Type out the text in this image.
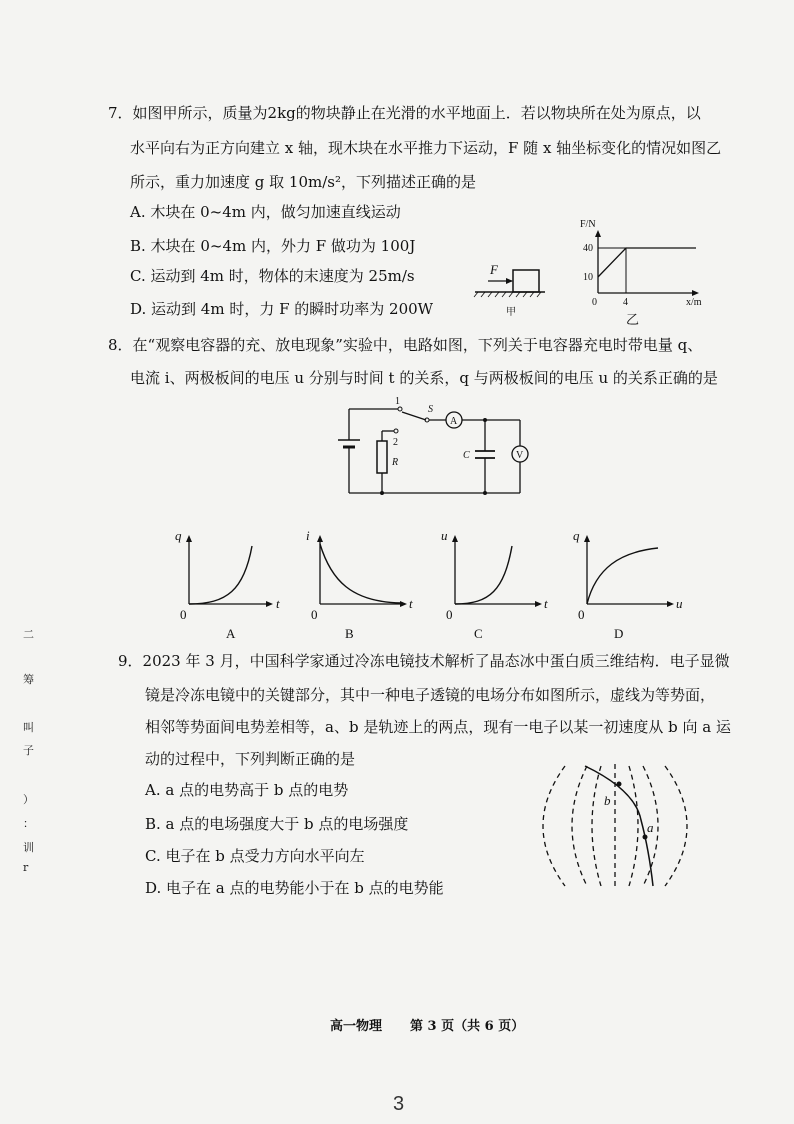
7．如图甲所示，质量为2kg的物块静止在光滑的水平地面上．若以物块所在处为原点，以
水平向右为正方向建立 x 轴，现木块在水平推力下运动，F 随 x 轴坐标变化的情况如图乙
所示，重力加速度 g 取 10m/s²，下列描述正确的是
A. 木块在 0~4m 内，做匀加速直线运动
B. 木块在 0~4m 内，外力 F 做功为 100J
C. 运动到 4m 时，物体的末速度为 25m/s
D. 运动到 4m 时，力 F 的瞬时功率为 200W
F
甲
F/N
x/m
40
10
0	4
乙
8．在“观察电容器的充、放电现象”实验中，电路如图，下列关于电容器充电时带电量 q、
电流 i、两极板间的电压 u 分别与时间 t 的关系，q 与两极板间的电压 u 的关系正确的是
1
2
S
A
V
R
C
q
t
0
A
i
t
0
B
u
t
0
C
q
u
0
D
9．2023 年 3 月，中国科学家通过冷冻电镜技术解析了晶态冰中蛋白质三维结构．电子显微
镜是冷冻电镜中的关键部分，其中一种电子透镜的电场分布如图所示，虚线为等势面，
相邻等势面间电势差相等，a、b 是轨迹上的两点，现有一电子以某一初速度从 b 向 a 运
动的过程中，下列判断正确的是
A. a 点的电势高于 b 点的电势
B. a 点的电场强度大于 b 点的电场强度
C. 电子在 b 点受力方向水平向左
D. 电子在 a 点的电势能小于在 b 点的电势能
b
a
二
筹
叫
子
）
：
训
r
高一物理 第 3 页（共 6 页）
3
